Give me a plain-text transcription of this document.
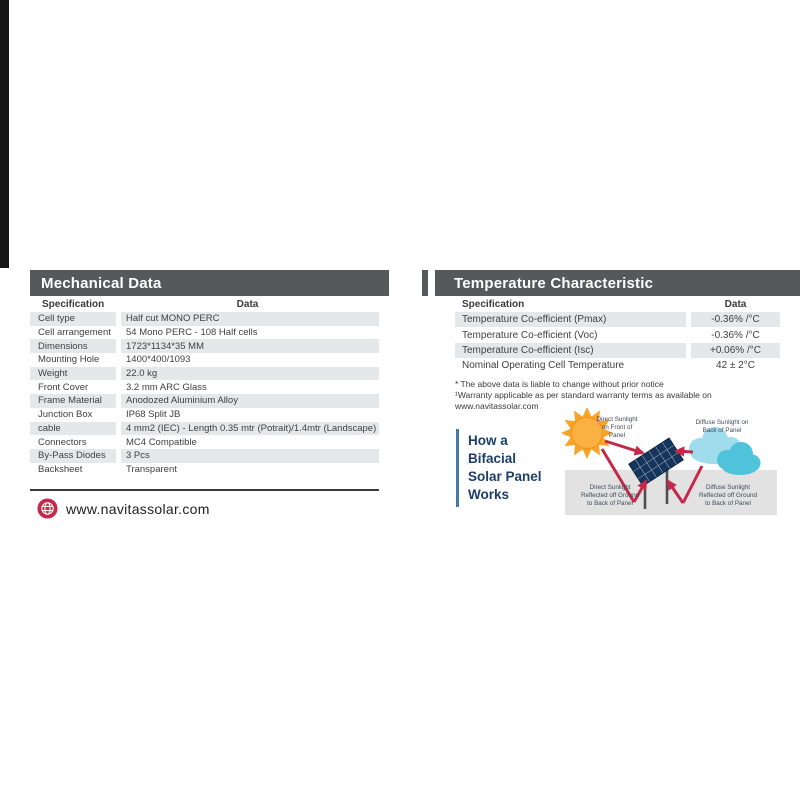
Mechanical Data
Specification	Data
Cell type	Half cut MONO PERC
Cell arrangement	54 Mono PERC - 108 Half cells
Dimensions	1723*1134*35 MM
Mounting Hole	1400*400/1093
Weight	22.0 kg
Front Cover	3.2 mm ARC Glass
Frame Material	Anodozed Aluminium Alloy
Junction Box	IP68 Split JB
cable	4 mm2 (IEC) - Length 0.35 mtr (Potrait)/1.4mtr (Landscape)
Connectors	MC4 Compatible
By-Pass Diodes	3 Pcs
Backsheet	Transparent
www.navitassolar.com
Temperature Characteristic
Specification	Data
Temperature Co-efficient (Pmax)	-0.36% /°C
Temperature Co-efficient (Voc)	-0.36% /°C
Temperature Co-efficient (Isc)	+0.06% /°C
Nominal Operating Cell Temperature	42 ± 2°C
* The above data is liable to change without prior notice
¹Warranty applicable as per standard warranty terms as available on www.navitassolar.com
How a
Bifacial
Solar Panel
Works
Direct Sunlight
on Front of
Panel
Diffuse Sunlight on
Back of Panel
Direct Sunlight
Reflected off Ground
to Back of Panel
Diffuse Sunlight
Reflected off Ground
to Back of Panel
